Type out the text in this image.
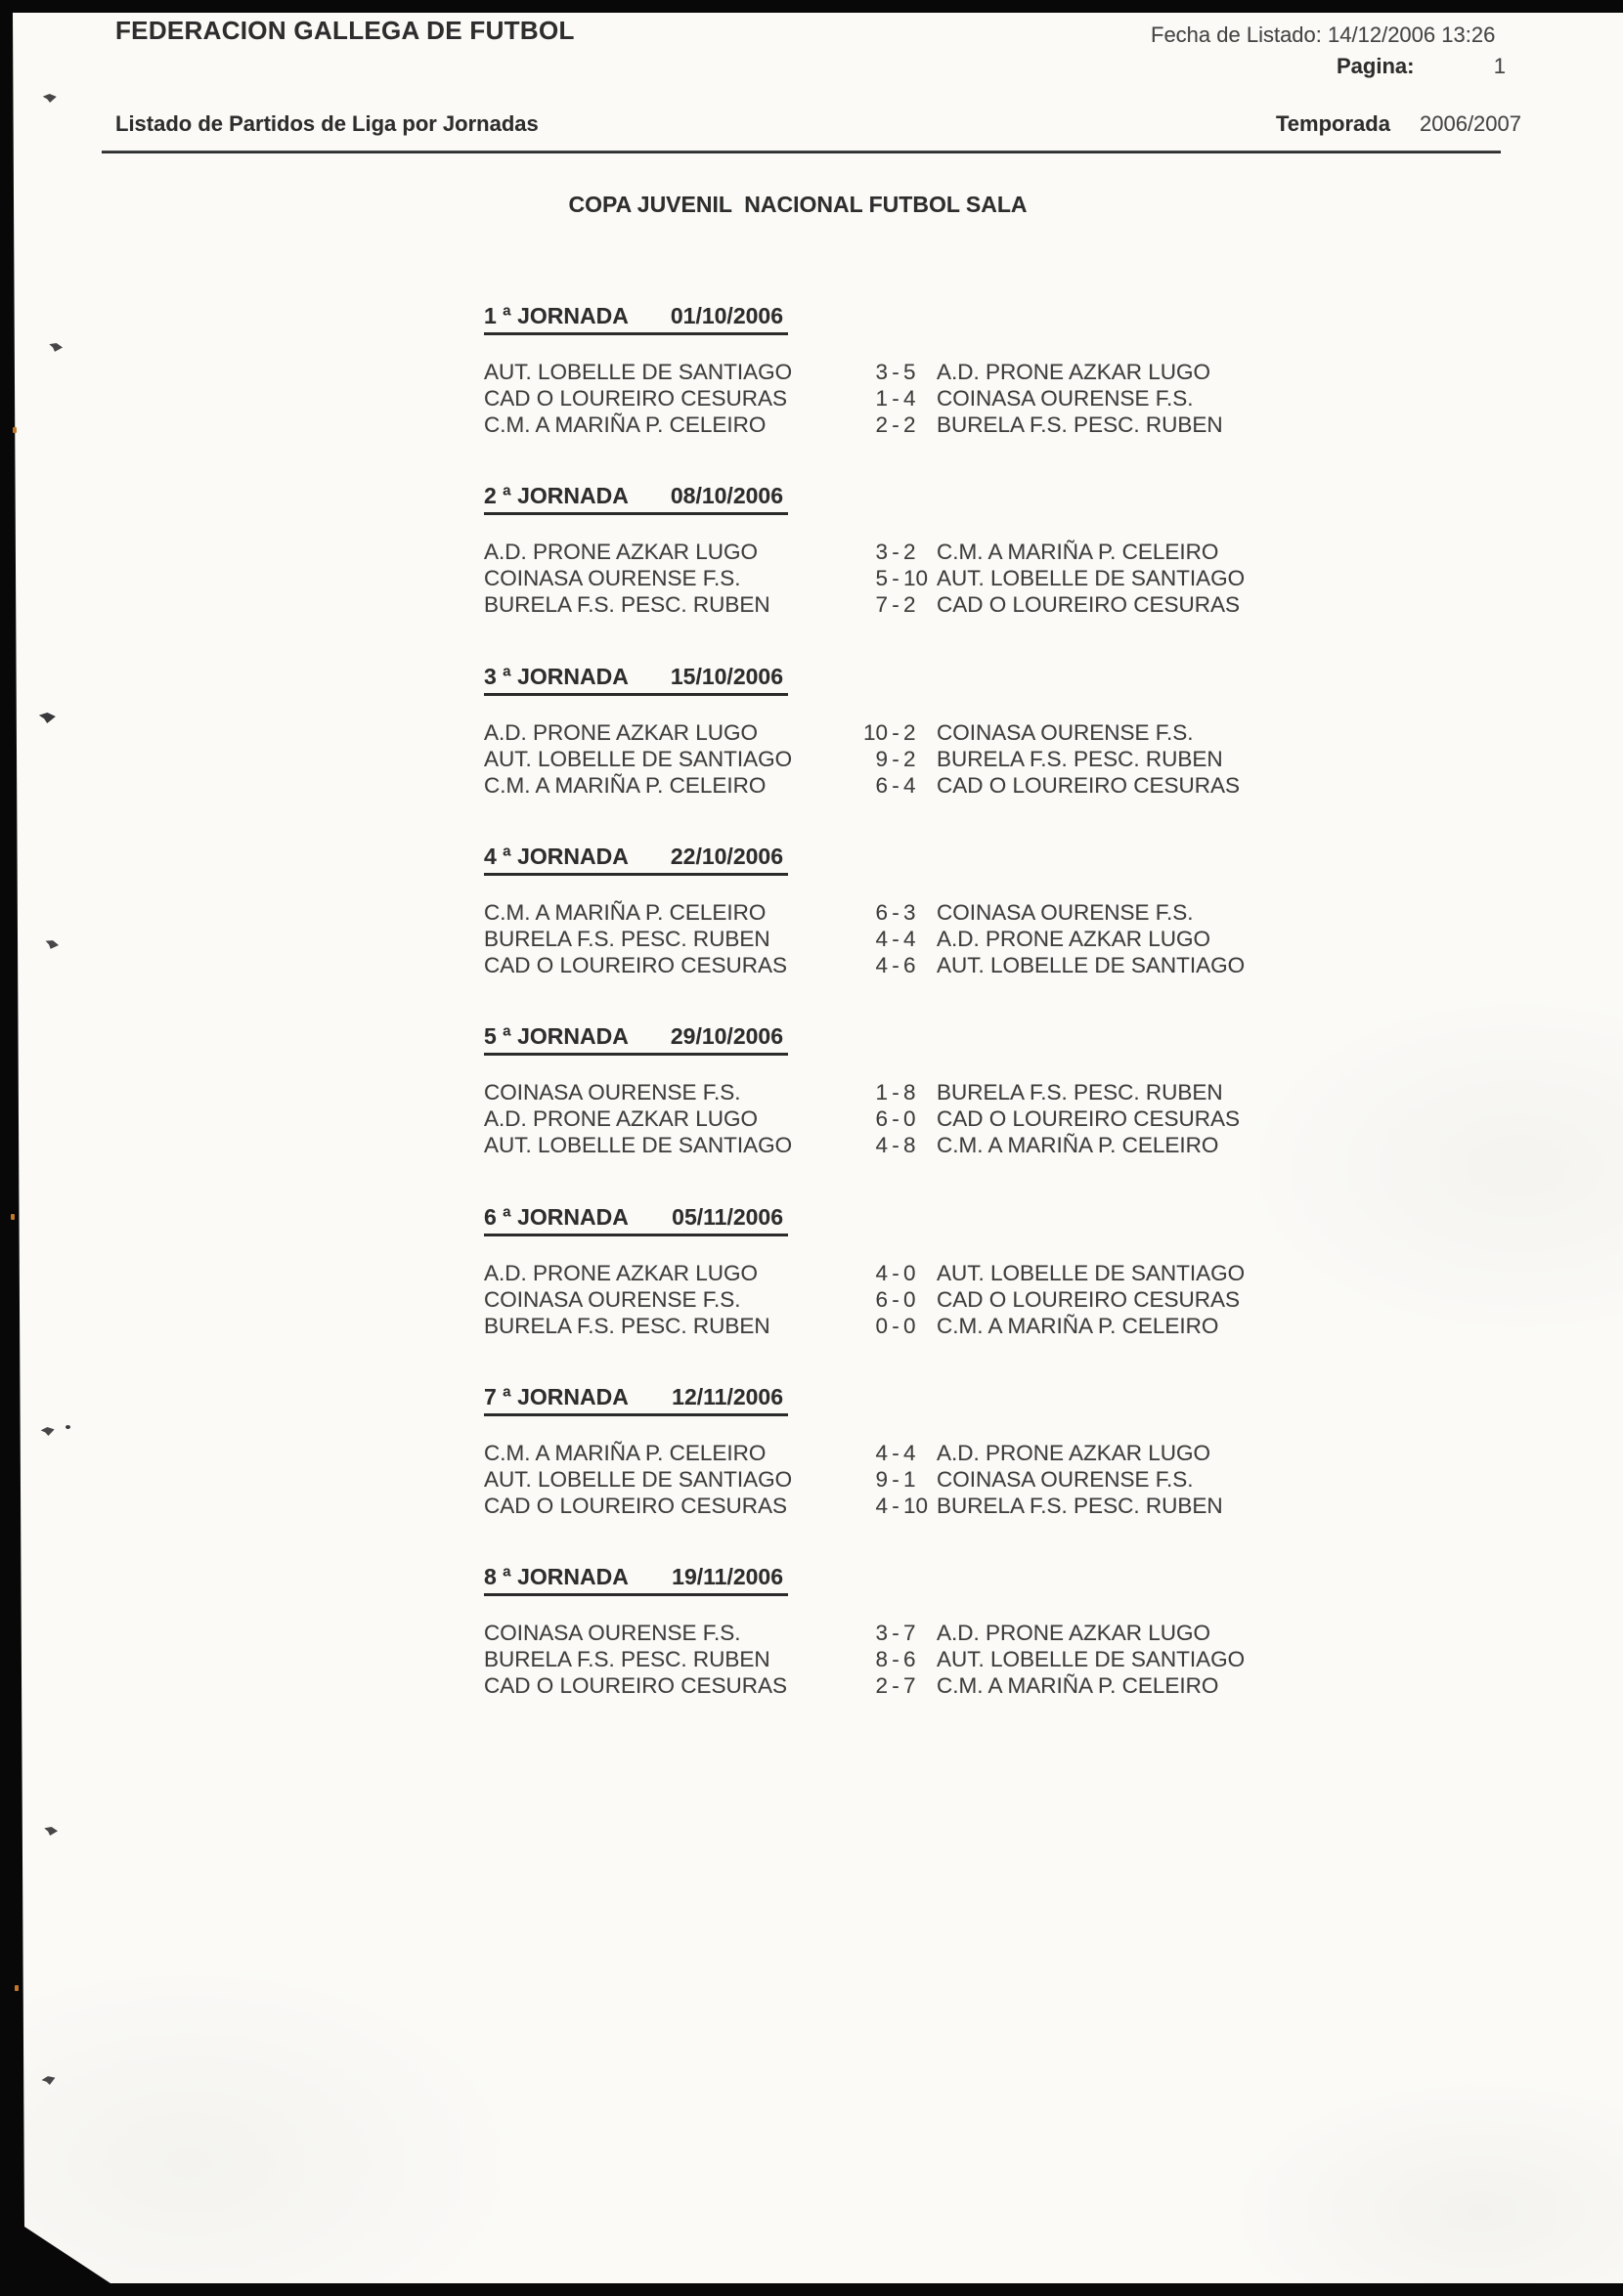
FEDERACION GALLEGA DE FUTBOL	Fecha de Listado: 14/12/2006 13:26
Pagina:	1
Listado de Partidos de Liga por Jornadas	Temporada 2006/2007
COPA JUVENIL  NACIONAL FUTBOL SALA
1 ª JORNADA 01/10/2006
AUT. LOBELLE DE SANTIAGO	3 - 5 A.D. PRONE AZKAR LUGO
CAD O LOUREIRO CESURAS	1 - 4 COINASA OURENSE F.S.
C.M. A MARIÑA P. CELEIRO	2 - 2 BURELA F.S. PESC. RUBEN
2 ª JORNADA 08/10/2006
A.D. PRONE AZKAR LUGO	3 - 2 C.M. A MARIÑA P. CELEIRO
COINASA OURENSE F.S.	5 - 10 AUT. LOBELLE DE SANTIAGO
BURELA F.S. PESC. RUBEN	7 - 2 CAD O LOUREIRO CESURAS
3 ª JORNADA 15/10/2006
A.D. PRONE AZKAR LUGO	10 - 2 COINASA OURENSE F.S.
AUT. LOBELLE DE SANTIAGO	9 - 2 BURELA F.S. PESC. RUBEN
C.M. A MARIÑA P. CELEIRO	6 - 4 CAD O LOUREIRO CESURAS
4 ª JORNADA 22/10/2006
C.M. A MARIÑA P. CELEIRO	6 - 3 COINASA OURENSE F.S.
BURELA F.S. PESC. RUBEN	4 - 4 A.D. PRONE AZKAR LUGO
CAD O LOUREIRO CESURAS	4 - 6 AUT. LOBELLE DE SANTIAGO
5 ª JORNADA 29/10/2006
COINASA OURENSE F.S.	1 - 8 BURELA F.S. PESC. RUBEN
A.D. PRONE AZKAR LUGO	6 - 0 CAD O LOUREIRO CESURAS
AUT. LOBELLE DE SANTIAGO	4 - 8 C.M. A MARIÑA P. CELEIRO
6 ª JORNADA 05/11/2006
A.D. PRONE AZKAR LUGO	4 - 0 AUT. LOBELLE DE SANTIAGO
COINASA OURENSE F.S.	6 - 0 CAD O LOUREIRO CESURAS
BURELA F.S. PESC. RUBEN	0 - 0 C.M. A MARIÑA P. CELEIRO
7 ª JORNADA 12/11/2006
C.M. A MARIÑA P. CELEIRO	4 - 4 A.D. PRONE AZKAR LUGO
AUT. LOBELLE DE SANTIAGO	9 - 1 COINASA OURENSE F.S.
CAD O LOUREIRO CESURAS	4 - 10 BURELA F.S. PESC. RUBEN
8 ª JORNADA 19/11/2006
COINASA OURENSE F.S.	3 - 7 A.D. PRONE AZKAR LUGO
BURELA F.S. PESC. RUBEN	8 - 6 AUT. LOBELLE DE SANTIAGO
CAD O LOUREIRO CESURAS	2 - 7 C.M. A MARIÑA P. CELEIRO
